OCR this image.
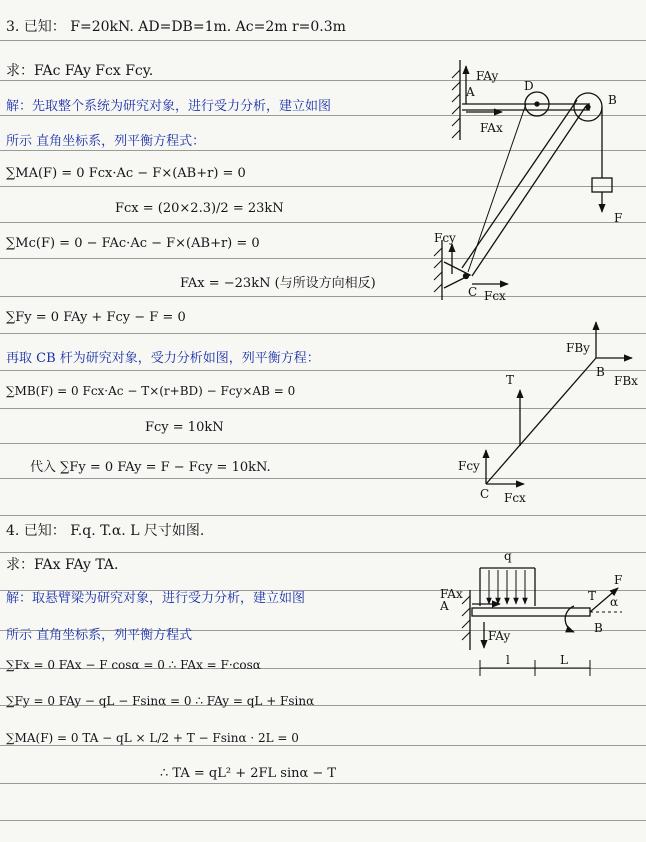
3. 已知： F=20kN. AD=DB=1m. Ac=2m r=0.3m
求：FAc FAy Fcx Fcy.
解：先取整个系统为研究对象，进行受力分析，建立如图
所示 直角坐标系，列平衡方程式：
∑MA(F) = 0 Fcx·Ac − F×(AB+r) = 0
Fcx = (20×2.3)/2 = 23kN
∑Mc(F) = 0 − FAc·Ac − F×(AB+r) = 0
FAx = −23kN (与所设方向相反)
∑Fy = 0 FAy + Fcy − F = 0
再取 CB 杆为研究对象，受力分析如图，列平衡方程：
∑MB(F) = 0 Fcx·Ac − T×(r+BD) − Fcy×AB = 0
Fcy = 10kN
代入 ∑Fy = 0 FAy = F − Fcy = 10kN.
4. 已知： F.q. T.α. L 尺寸如图.
求：FAx FAy TA.
解：取悬臂梁为研究对象，进行受力分析，建立如图
所示 直角坐标系，列平衡方程式
∑Fx = 0 FAx − F cosα = 0 ∴ FAx = F·cosα
∑Fy = 0 FAy − qL − Fsinα = 0 ∴ FAy = qL + Fsinα
∑MA(F) = 0 TA − qL × L/2 + T − Fsinα · 2L = 0
∴ TA = qL² + 2FL sinα − T
A	D
B
C
FAy
FAx
F
Fcy
Fcx
FBy
B
FBx
T
Fcy
C Fcx
q
A
FAx
FAy
T
F
α
B
l	L
